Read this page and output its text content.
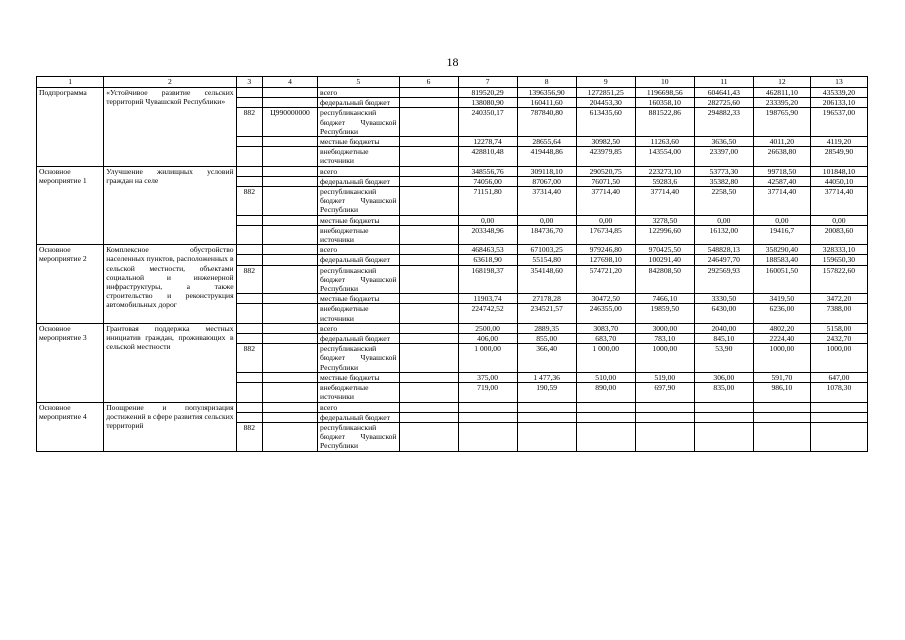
18
1	2	3	4	5	6	7	8	9	10	11	12	13
Подпрограмма	«Устойчивое развитие сельских территорий Чувашской Республики»			всего		819520,29	1396356,90	1272851,25	1196698,56	604641,43	462811,10	435339,20
				федеральный бюджет		138080,90	160411,60	204453,30	160358,10	282725,60	233395,20	206133,10
		882	Ц990000000	республиканский бюджет Чувашской Республики		240350,17	787840,80	613435,60	881522,86	294882,33	198765,90	196537,00
				местные бюджеты		12278,74	28655,64	30982,50	11263,60	3636,50	4011,20	4119,20
				внебюджетные источники		428810,48	419448,86	423979,85	143554,00	23397,00	26638,80	28549,90
Основное мероприятие 1	Улучшение жилищных условий граждан на селе			всего		348556,76	309118,10	290520,75	223273,10	53773,30	99718,50	101848,10
				федеральный бюджет		74056,00	87067,00	76071,50	59283,6	35382,80	42587,40	44050,10
		882		республиканский бюджет Чувашской Республики		71151,80	37314,40	37714,40	37714,40	2258,50	37714,40	37714,40
				местные бюджеты		0,00	0,00	0,00	3278,50	0,00	0,00	0,00
				внебюджетные источники		203348,96	184736,70	176734,85	122996,60	16132,00	19416,7	20083,60
Основное мероприятие 2	Комплексное обустройство населенных пунктов, расположенных в сельской местности, объектами социальной и инженерной инфраструктуры, а также строительство и реконструкция автомобильных дорог			всего		468463,53	671003,25	979246,80	970425,50	548828,13	358290,40	328333,10
				федеральный бюджет		63618,90	55154,80	127698,10	100291,40	246497,70	188583,40	159650,30
		882		республиканский бюджет Чувашской Республики		168198,37	354148,60	574721,20	842808,50	292569,93	160051,50	157822,60
				местные бюджеты		11903,74	27178,28	30472,50	7466,10	3330,50	3419,50	3472,20
				внебюджетные источники		224742,52	234521,57	246355,00	19859,50	6430,00	6236,00	7388,00
Основное мероприятие 3	Грантовая поддержка местных инициатив граждан, проживающих в сельской местности			всего		2500,00	2889,35	3083,70	3000,00	2040,00	4802,20	5158,00
				федеральный бюджет		406,00	855,00	683,70	783,10	845,10	2224,40	2432,70
		882		республиканский бюджет Чувашской Республики		1 000,00	366,40	1 000,00	1000,00	53,90	1000,00	1000,00
				местные бюджеты		375,00	1 477,36	510,00	519,00	306,00	591,70	647,00
				внебюджетные источники		719,00	190,59	890,00	697,90	835,00	986,10	1078,30
Основное мероприятие 4	Поощрение и популяризация достижений в сфере развития сельских территорий			всего								
				федеральный бюджет								
		882		республиканский бюджет Чувашской Республики								
